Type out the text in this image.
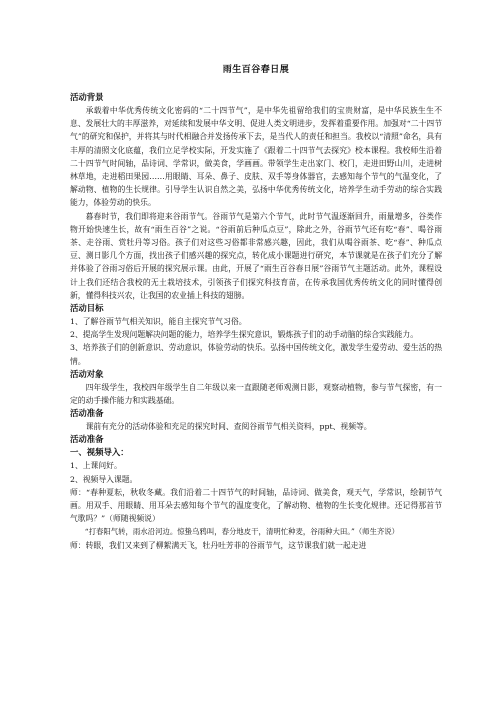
雨生百谷春日展

活动背景

承载着中华优秀传统文化密码的“二十四节气”，是中华先祖留给我们的宝贵财富，是中华民族生生不息、发展壮大的丰厚滋养，对延续和发展中华文明、促进人类文明进步，发挥着重要作用。加强对“二十四节气”的研究和保护，并将其与时代相融合并发扬传承下去，是当代人的责任和担当。我校以“清照”命名，具有丰厚的清照文化底蕴，我们立足学校实际，开发实施了《跟着二十四节气去探究》校本课程。我校师生沿着二十四节气时间轴，品诗词、学常识，做美食，学画画。带领学生走出家门、校门，走进田野山川，走进树林草地，走进稻田果园……用眼睛、耳朵、鼻子、皮肤、双手等身体器官，去感知每个节气的气温变化，了解动物、植物的生长规律。引导学生认识自然之美，弘扬中华优秀传统文化，培养学生动手劳动的综合实践能力，体验劳动的快乐。

暮春时节，我们即将迎来谷雨节气。谷雨节气是第六个节气，此时节气温逐渐回升，雨量增多，谷类作物开始快速生长，故有“雨生百谷”之说。“谷雨前后种瓜点豆”，除此之外，谷雨节气还有吃“春”、喝谷雨茶、走谷雨、赏牡丹等习俗。孩子们对这些习俗都非常感兴趣，因此，我们从喝谷雨茶、吃“春”、种瓜点豆、测日影几个方面，找出孩子们感兴趣的探究点，转化成小课题进行研究，本节课就是在孩子们充分了解并体验了谷雨习俗后开展的探究展示课。由此，开展了“雨生百谷春日展”谷雨节气主题活动。此外，课程设计上我们还结合我校的无土栽培技术，引领孩子们探究科技育苗，在传承我国优秀传统文化的同时懂得创新，懂得科技兴农，让我国的农业插上科技的翅膀。

活动目标

1、了解谷雨节气相关知识，能自主探究节气习俗。

2、提高学生发现问题解决问题的能力，培养学生探究意识，锻炼孩子们的动手动脑的综合实践能力。

3、培养孩子们的创新意识、劳动意识，体验劳动的快乐。弘扬中国传统文化，激发学生爱劳动、爱生活的热情。

活动对象

四年级学生，我校四年级学生自二年级以来一直跟随老师观测日影，观察动植物，参与节气探密，有一定的动手操作能力和实践基础。

活动准备

课前有充分的活动体验和充足的探究时间、查阅谷雨节气相关资料，ppt、视频等。

活动准备

一、视频导入：

1、上课问好。

2、视频导入课题。

师：“春种夏耘，秋收冬藏。我们沿着二十四节气的时间轴，品诗词、做美食，观天气，学常识，绘制节气画。用双手、用眼睛、用耳朵去感知每个节气的温度变化，了解动物、植物的生长变化规律。还记得那首节气歌吗？”（师随视频说）

“打春阳气转，雨水沿河边。惊蛰乌鸦叫，春分地皮干，清明忙种麦，谷雨种大田。”（师生齐说）

师：转眼，我们又来到了柳絮满天飞，牡丹吐芳菲的谷雨节气，这节课我们就一起走进
